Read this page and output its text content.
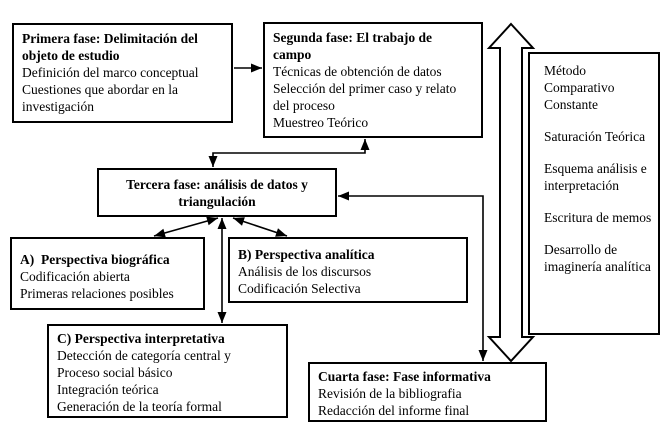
Primera fase: Delimitación del objeto de estudio
Definición del marco conceptual
Cuestiones que abordar en la investigación
Segunda fase: El trabajo de campo
Técnicas de obtención de datos
Selección del primer caso y relato del proceso
Muestreo Teórico
Tercera fase: análisis de datos y triangulación
A)  Perspectiva biográfica
Codificación abierta
Primeras relaciones posibles
B) Perspectiva analítica
Análisis de los discursos
Codificación Selectiva
C) Perspectiva interpretativa
Detección de categoría central y
Proceso social básico
Integración teórica
Generación de la teoría formal
Cuarta fase: Fase informativa
Revisión de la bibliografia
Redacción del informe final

Método Comparativo Constante

Saturación Teórica

Esquema análisis e interpretación

Escritura de memos

Desarrollo de imaginería analítica
